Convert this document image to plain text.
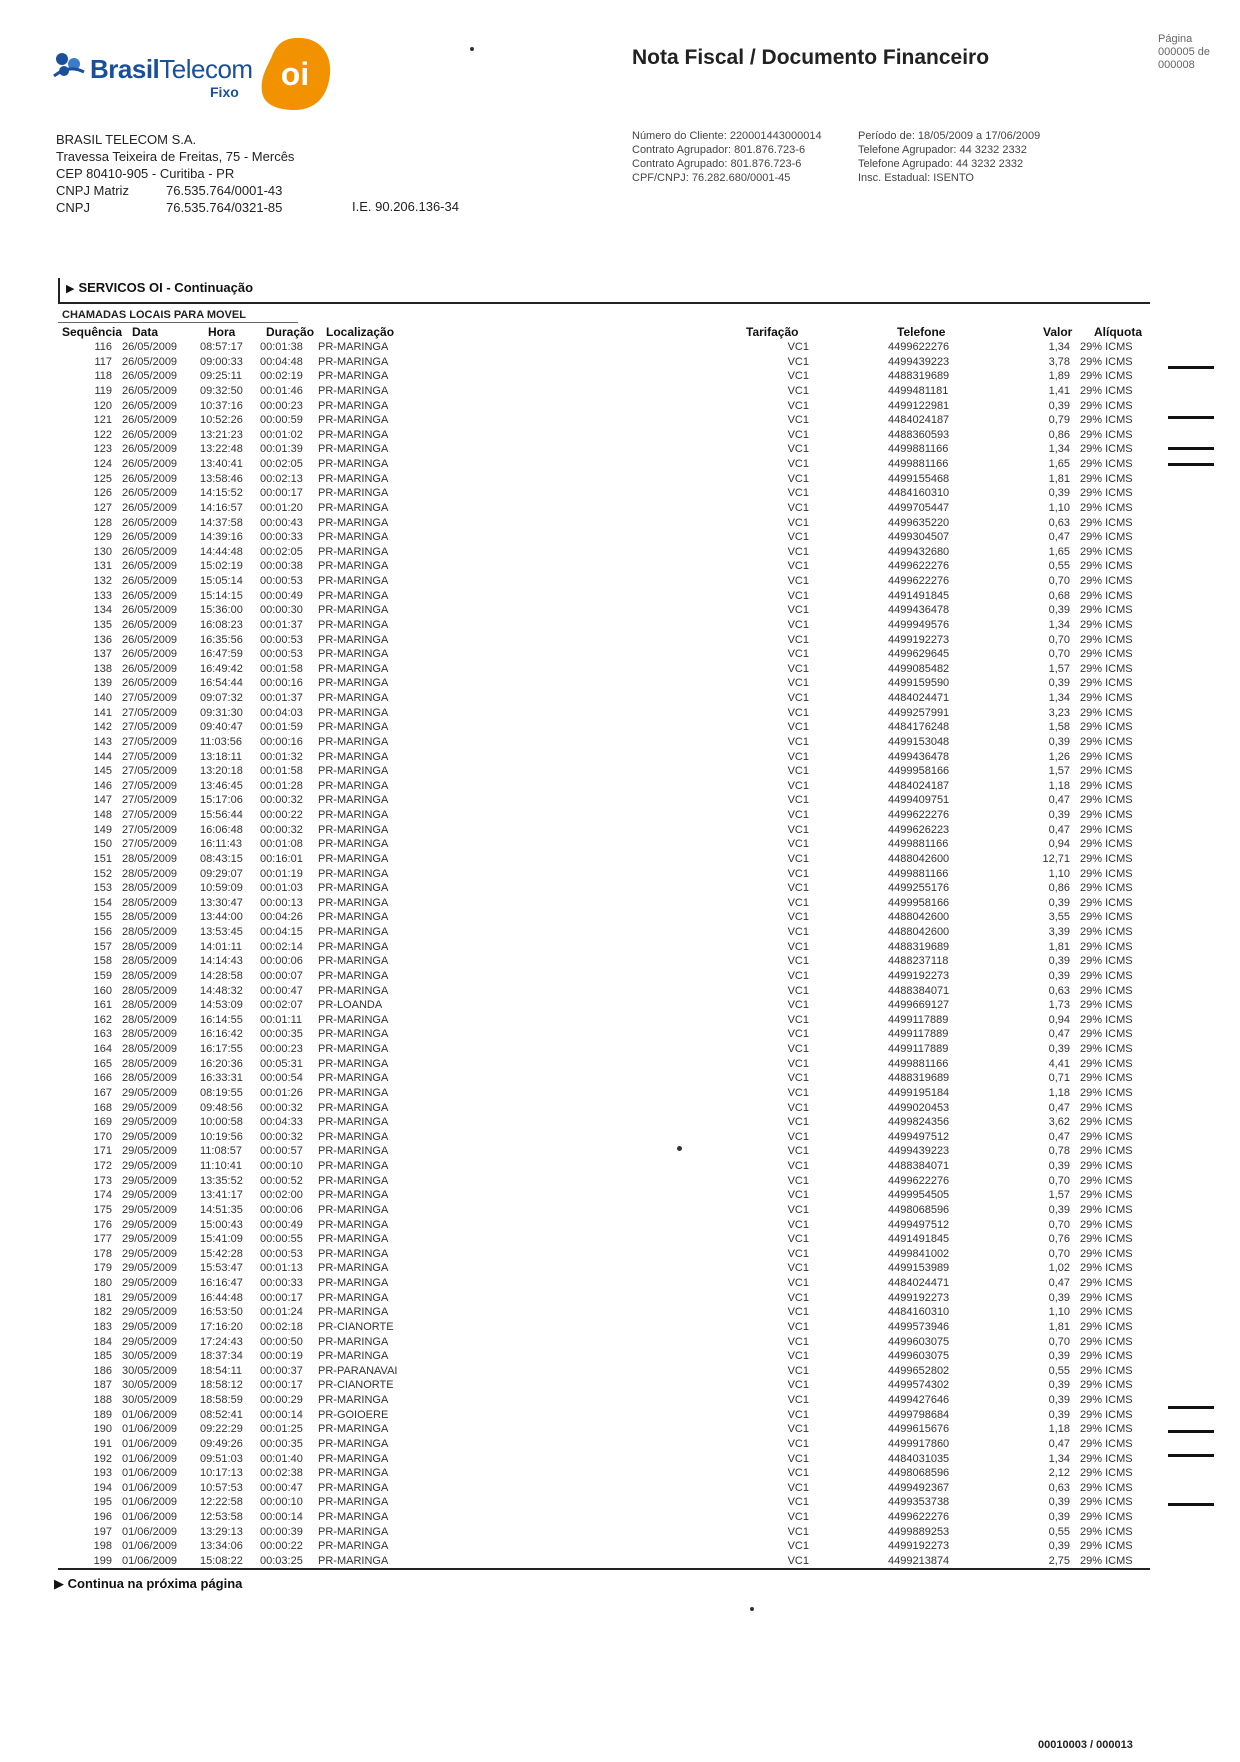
BrasilTelecom
Fixo
oi	Nota Fiscal / Documento Financeiro
Página
000005 de 000008
BRASIL TELECOM S.A.
Travessa Teixeira de Freitas, 75 - Mercês
CEP 80410-905 - Curitiba - PR
CNPJ Matriz	76.535.764/0001-43
CNPJ	76.535.764/0321-85	I.E. 90.206.136-34
Número do Cliente: 220001443000014
Contrato Agrupador: 801.876.723-6
Contrato Agrupado: 801.876.723-6
CPF/CNPJ: 76.282.680/0001-45
Período de: 18/05/2009 a 17/06/2009
Telefone Agrupador: 44 3232 2332
Telefone Agrupado: 44 3232 2332
Insc. Estadual: ISENTO
▶ SERVICOS OI - Continuação
CHAMADAS LOCAIS PARA MOVEL
Sequência Data	Hora	Duração Localização	Tarifação	Telefone	Valor Alíquota
116	26/05/2009	08:57:17	00:01:38	PR-MARINGA		VC1		4499622276		1,34		29% ICMS
117	26/05/2009	09:00:33	00:04:48	PR-MARINGA		VC1		4499439223		3,78		29% ICMS
118	26/05/2009	09:25:11	00:02:19	PR-MARINGA		VC1		4488319689		1,89		29% ICMS
119	26/05/2009	09:32:50	00:01:46	PR-MARINGA		VC1		4499481181		1,41		29% ICMS
120	26/05/2009	10:37:16	00:00:23	PR-MARINGA		VC1		4499122981		0,39		29% ICMS
121	26/05/2009	10:52:26	00:00:59	PR-MARINGA		VC1		4484024187		0,79		29% ICMS
122	26/05/2009	13:21:23	00:01:02	PR-MARINGA		VC1		4488360593		0,86		29% ICMS
123	26/05/2009	13:22:48	00:01:39	PR-MARINGA		VC1		4499881166		1,34		29% ICMS
124	26/05/2009	13:40:41	00:02:05	PR-MARINGA		VC1		4499881166		1,65		29% ICMS
125	26/05/2009	13:58:46	00:02:13	PR-MARINGA		VC1		4499155468		1,81		29% ICMS
126	26/05/2009	14:15:52	00:00:17	PR-MARINGA		VC1		4484160310		0,39		29% ICMS
127	26/05/2009	14:16:57	00:01:20	PR-MARINGA		VC1		4499705447		1,10		29% ICMS
128	26/05/2009	14:37:58	00:00:43	PR-MARINGA		VC1		4499635220		0,63		29% ICMS
129	26/05/2009	14:39:16	00:00:33	PR-MARINGA		VC1		4499304507		0,47		29% ICMS
130	26/05/2009	14:44:48	00:02:05	PR-MARINGA		VC1		4499432680		1,65		29% ICMS
131	26/05/2009	15:02:19	00:00:38	PR-MARINGA		VC1		4499622276		0,55		29% ICMS
132	26/05/2009	15:05:14	00:00:53	PR-MARINGA		VC1		4499622276		0,70		29% ICMS
133	26/05/2009	15:14:15	00:00:49	PR-MARINGA		VC1		4491491845		0,68		29% ICMS
134	26/05/2009	15:36:00	00:00:30	PR-MARINGA		VC1		4499436478		0,39		29% ICMS
135	26/05/2009	16:08:23	00:01:37	PR-MARINGA		VC1		4499949576		1,34		29% ICMS
136	26/05/2009	16:35:56	00:00:53	PR-MARINGA		VC1		4499192273		0,70		29% ICMS
137	26/05/2009	16:47:59	00:00:53	PR-MARINGA		VC1		4499629645		0,70		29% ICMS
138	26/05/2009	16:49:42	00:01:58	PR-MARINGA		VC1		4499085482		1,57		29% ICMS
139	26/05/2009	16:54:44	00:00:16	PR-MARINGA		VC1		4499159590		0,39		29% ICMS
140	27/05/2009	09:07:32	00:01:37	PR-MARINGA		VC1		4484024471		1,34		29% ICMS
141	27/05/2009	09:31:30	00:04:03	PR-MARINGA		VC1		4499257991		3,23		29% ICMS
142	27/05/2009	09:40:47	00:01:59	PR-MARINGA		VC1		4484176248		1,58		29% ICMS
143	27/05/2009	11:03:56	00:00:16	PR-MARINGA		VC1		4499153048		0,39		29% ICMS
144	27/05/2009	13:18:11	00:01:32	PR-MARINGA		VC1		4499436478		1,26		29% ICMS
145	27/05/2009	13:20:18	00:01:58	PR-MARINGA		VC1		4499958166		1,57		29% ICMS
146	27/05/2009	13:46:45	00:01:28	PR-MARINGA		VC1		4484024187		1,18		29% ICMS
147	27/05/2009	15:17:06	00:00:32	PR-MARINGA		VC1		4499409751		0,47		29% ICMS
148	27/05/2009	15:56:44	00:00:22	PR-MARINGA		VC1		4499622276		0,39		29% ICMS
149	27/05/2009	16:06:48	00:00:32	PR-MARINGA		VC1		4499626223		0,47		29% ICMS
150	27/05/2009	16:11:43	00:01:08	PR-MARINGA		VC1		4499881166		0,94		29% ICMS
151	28/05/2009	08:43:15	00:16:01	PR-MARINGA		VC1		4488042600		12,71		29% ICMS
152	28/05/2009	09:29:07	00:01:19	PR-MARINGA		VC1		4499881166		1,10		29% ICMS
153	28/05/2009	10:59:09	00:01:03	PR-MARINGA		VC1		4499255176		0,86		29% ICMS
154	28/05/2009	13:30:47	00:00:13	PR-MARINGA		VC1		4499958166		0,39		29% ICMS
155	28/05/2009	13:44:00	00:04:26	PR-MARINGA		VC1		4488042600		3,55		29% ICMS
156	28/05/2009	13:53:45	00:04:15	PR-MARINGA		VC1		4488042600		3,39		29% ICMS
157	28/05/2009	14:01:11	00:02:14	PR-MARINGA		VC1		4488319689		1,81		29% ICMS
158	28/05/2009	14:14:43	00:00:06	PR-MARINGA		VC1		4488237118		0,39		29% ICMS
159	28/05/2009	14:28:58	00:00:07	PR-MARINGA		VC1		4499192273		0,39		29% ICMS
160	28/05/2009	14:48:32	00:00:47	PR-MARINGA		VC1		4488384071		0,63		29% ICMS
161	28/05/2009	14:53:09	00:02:07	PR-LOANDA		VC1		4499669127		1,73		29% ICMS
162	28/05/2009	16:14:55	00:01:11	PR-MARINGA		VC1		4499117889		0,94		29% ICMS
163	28/05/2009	16:16:42	00:00:35	PR-MARINGA		VC1		4499117889		0,47		29% ICMS
164	28/05/2009	16:17:55	00:00:23	PR-MARINGA		VC1		4499117889		0,39		29% ICMS
165	28/05/2009	16:20:36	00:05:31	PR-MARINGA		VC1		4499881166		4,41		29% ICMS
166	28/05/2009	16:33:31	00:00:54	PR-MARINGA		VC1		4488319689		0,71		29% ICMS
167	29/05/2009	08:19:55	00:01:26	PR-MARINGA		VC1		4499195184		1,18		29% ICMS
168	29/05/2009	09:48:56	00:00:32	PR-MARINGA		VC1		4499020453		0,47		29% ICMS
169	29/05/2009	10:00:58	00:04:33	PR-MARINGA		VC1		4499824356		3,62		29% ICMS
170	29/05/2009	10:19:56	00:00:32	PR-MARINGA		VC1		4499497512		0,47		29% ICMS
171	29/05/2009	11:08:57	00:00:57	PR-MARINGA		VC1		4499439223		0,78		29% ICMS
172	29/05/2009	11:10:41	00:00:10	PR-MARINGA		VC1		4488384071		0,39		29% ICMS
173	29/05/2009	13:35:52	00:00:52	PR-MARINGA		VC1		4499622276		0,70		29% ICMS
174	29/05/2009	13:41:17	00:02:00	PR-MARINGA		VC1		4499954505		1,57		29% ICMS
175	29/05/2009	14:51:35	00:00:06	PR-MARINGA		VC1		4498068596		0,39		29% ICMS
176	29/05/2009	15:00:43	00:00:49	PR-MARINGA		VC1		4499497512		0,70		29% ICMS
177	29/05/2009	15:41:09	00:00:55	PR-MARINGA		VC1		4491491845		0,76		29% ICMS
178	29/05/2009	15:42:28	00:00:53	PR-MARINGA		VC1		4499841002		0,70		29% ICMS
179	29/05/2009	15:53:47	00:01:13	PR-MARINGA		VC1		4499153989		1,02		29% ICMS
180	29/05/2009	16:16:47	00:00:33	PR-MARINGA		VC1		4484024471		0,47		29% ICMS
181	29/05/2009	16:44:48	00:00:17	PR-MARINGA		VC1		4499192273		0,39		29% ICMS
182	29/05/2009	16:53:50	00:01:24	PR-MARINGA		VC1		4484160310		1,10		29% ICMS
183	29/05/2009	17:16:20	00:02:18	PR-CIANORTE		VC1		4499573946		1,81		29% ICMS
184	29/05/2009	17:24:43	00:00:50	PR-MARINGA		VC1		4499603075		0,70		29% ICMS
185	30/05/2009	18:37:34	00:00:19	PR-MARINGA		VC1		4499603075		0,39		29% ICMS
186	30/05/2009	18:54:11	00:00:37	PR-PARANAVAI		VC1		4499652802		0,55		29% ICMS
187	30/05/2009	18:58:12	00:00:17	PR-CIANORTE		VC1		4499574302		0,39		29% ICMS
188	30/05/2009	18:58:59	00:00:29	PR-MARINGA		VC1		4499427646		0,39		29% ICMS
189	01/06/2009	08:52:41	00:00:14	PR-GOIOERE		VC1		4499798684		0,39		29% ICMS
190	01/06/2009	09:22:29	00:01:25	PR-MARINGA		VC1		4499615676		1,18		29% ICMS
191	01/06/2009	09:49:26	00:00:35	PR-MARINGA		VC1		4499917860		0,47		29% ICMS
192	01/06/2009	09:51:03	00:01:40	PR-MARINGA		VC1		4484031035		1,34		29% ICMS
193	01/06/2009	10:17:13	00:02:38	PR-MARINGA		VC1		4498068596		2,12		29% ICMS
194	01/06/2009	10:57:53	00:00:47	PR-MARINGA		VC1		4499492367		0,63		29% ICMS
195	01/06/2009	12:22:58	00:00:10	PR-MARINGA		VC1		4499353738		0,39		29% ICMS
196	01/06/2009	12:53:58	00:00:14	PR-MARINGA		VC1		4499622276		0,39		29% ICMS
197	01/06/2009	13:29:13	00:00:39	PR-MARINGA		VC1		4499889253		0,55		29% ICMS
198	01/06/2009	13:34:06	00:00:22	PR-MARINGA		VC1		4499192273		0,39		29% ICMS
199	01/06/2009	15:08:22	00:03:25	PR-MARINGA		VC1		4499213874		2,75		29% ICMS
▶ Continua na próxima página
00010003 / 000013
